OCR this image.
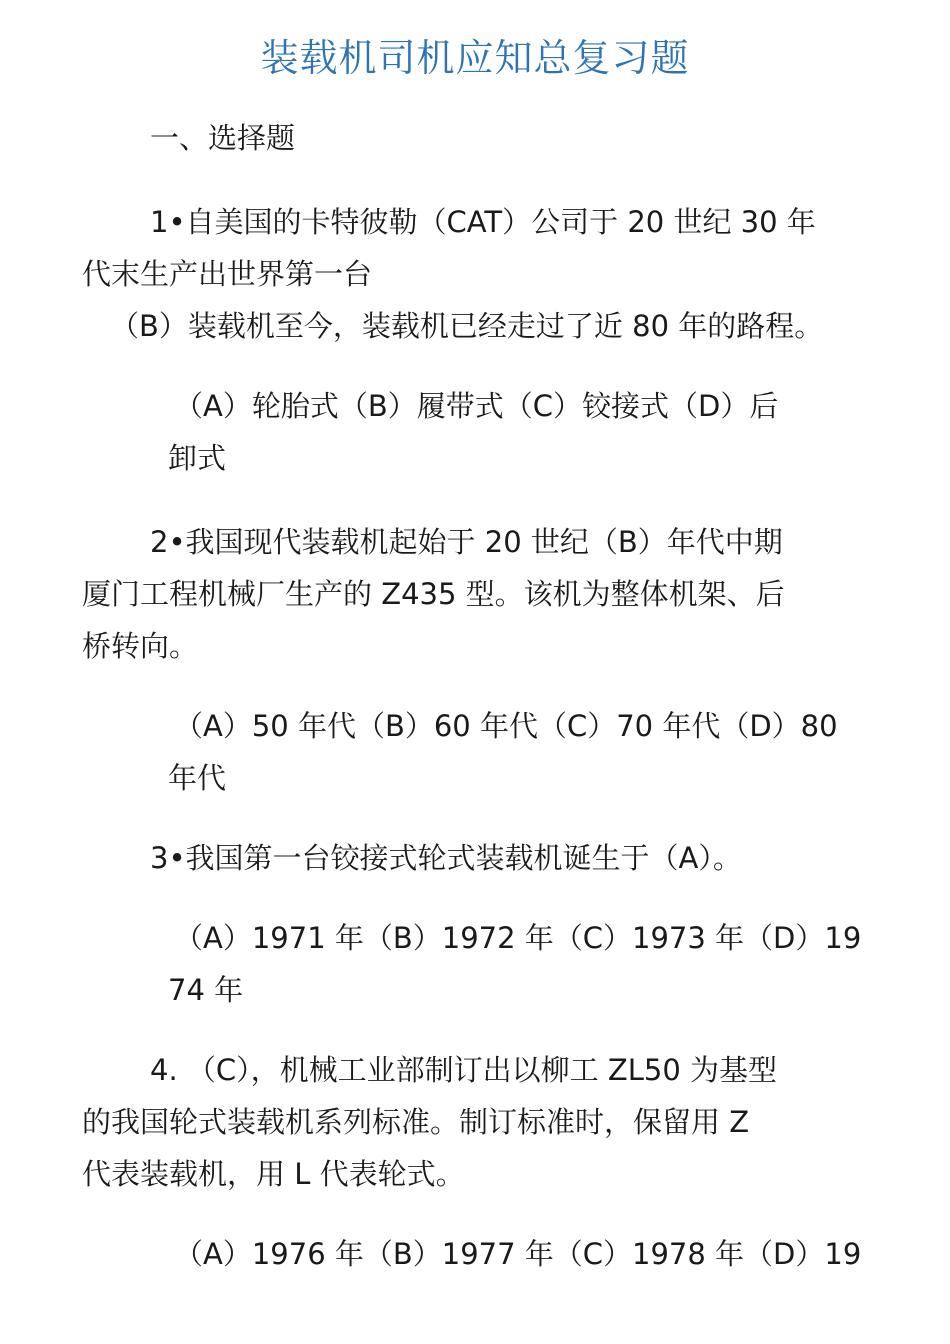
装载机司机应知总复习题
一、选择题
1•自美国的卡特彼勒（CAT）公司于 20 世纪 30 年
代末生产出世界第一台
（B）装载机至今，装载机已经走过了近 80 年的路程。
（A）轮胎式（B）履带式（C）铰接式（D）后
卸式
2•我国现代装载机起始于 20 世纪（B）年代中期
厦门工程机械厂生产的 Z435 型。该机为整体机架、后
桥转向。
（A）50 年代（B）60 年代（C）70 年代（D）80
年代
3•我国第一台铰接式轮式装载机诞生于（A）。
（A）1971 年（B）1972 年（C）1973 年（D）19
74 年
4. （C），机械工业部制订出以柳工 ZL50 为基型
的我国轮式装载机系列标准。制订标准时，保留用 Z
代表装载机，用 L 代表轮式。
（A）1976 年（B）1977 年（C）1978 年（D）19
